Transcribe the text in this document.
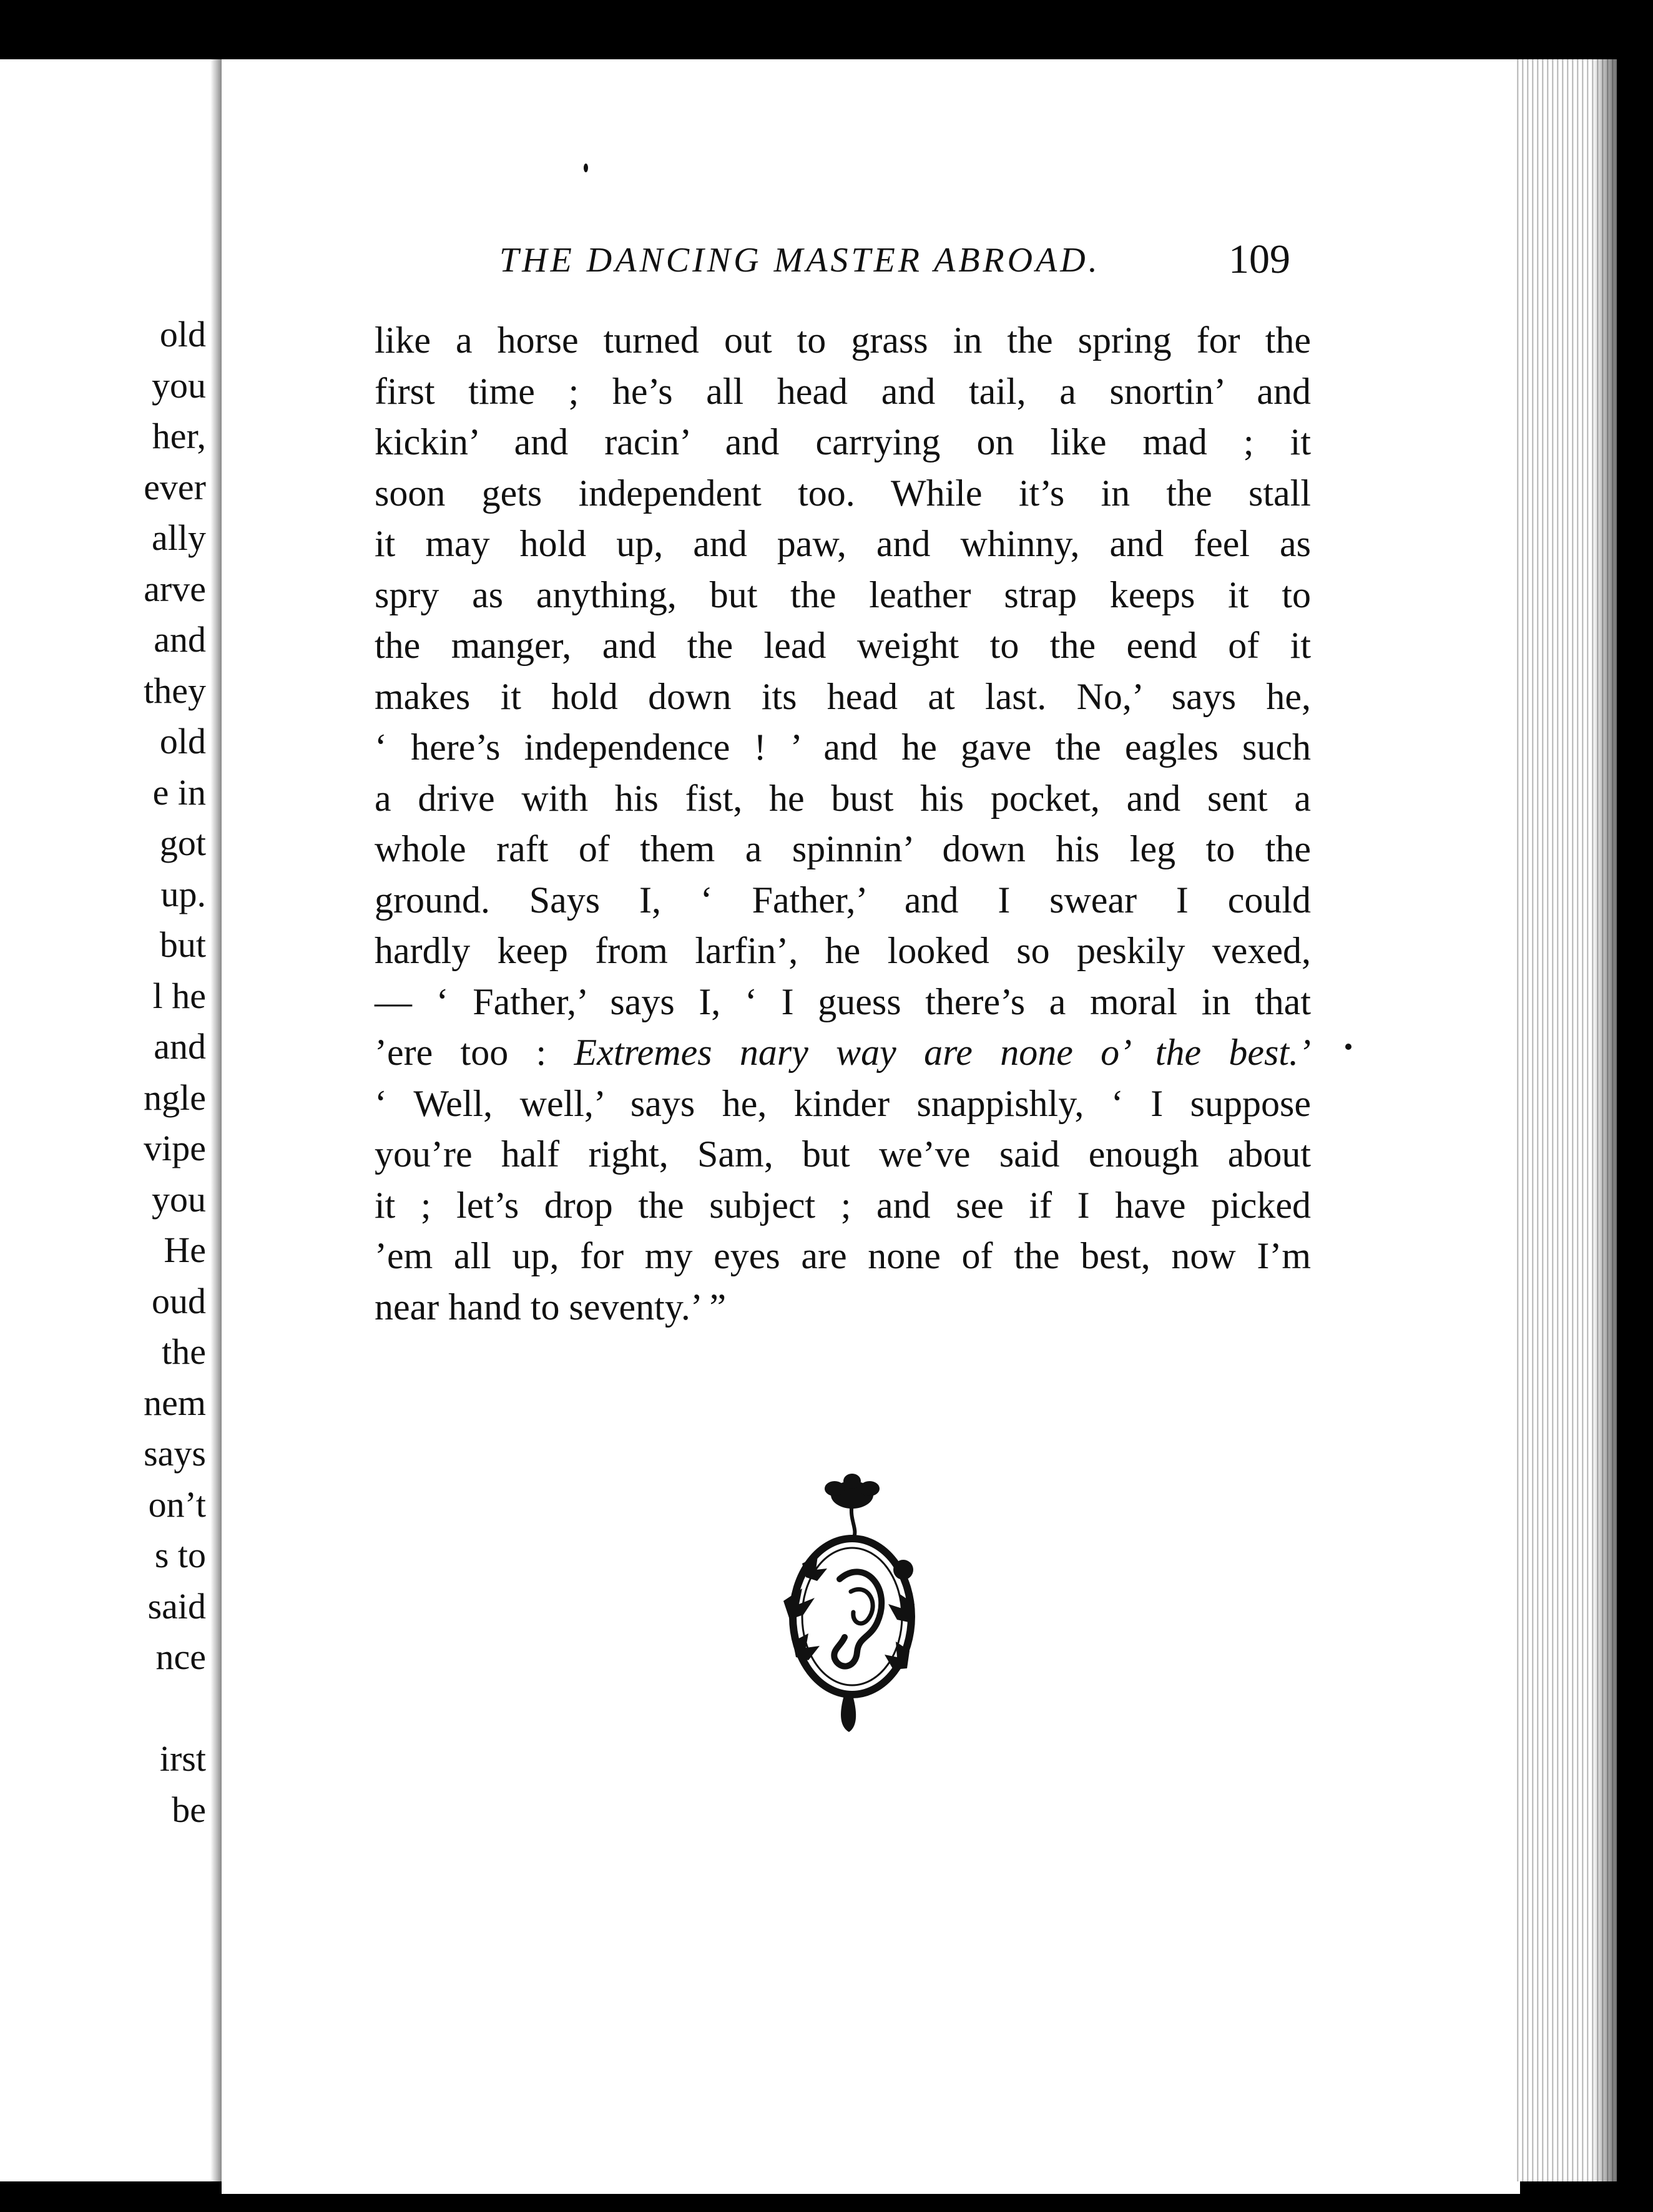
old
you
her,
ever
ally
arve
and
they
old
e in
got
up.
but
l he
and
ngle
vipe
you
He
oud
the
nem
says
on’t
s to
said
nce
irst
be
THE DANCING MASTER ABROAD.	109
like a horse turned out to grass in the spring for the
first time ; he’s all head and tail, a snortin’ and
kickin’ and racin’ and carrying on like mad ; it
soon gets independent too. While it’s in the stall
it may hold up, and paw, and whinny, and feel as
spry as anything, but the leather strap keeps it to
the manger, and the lead weight to the eend of it
makes it hold down its head at last. No,’ says he,
‘ here’s independence ! ’ and he gave the eagles such
a drive with his fist, he bust his pocket, and sent a
whole raft of them a spinnin’ down his leg to the
ground. Says I, ‘ Father,’ and I swear I could
hardly keep from larfin’, he looked so peskily vexed,
— ‘ Father,’ says I, ‘ I guess there’s a moral in that
’ere too : Extremes nary way are none o’ the best.’
‘ Well, well,’ says he, kinder snappishly, ‘ I suppose
you’re half right, Sam, but we’ve said enough about
it ; let’s drop the subject ; and see if I have picked
’em all up, for my eyes are none of the best, now I’m
near hand to seventy.’ ”
